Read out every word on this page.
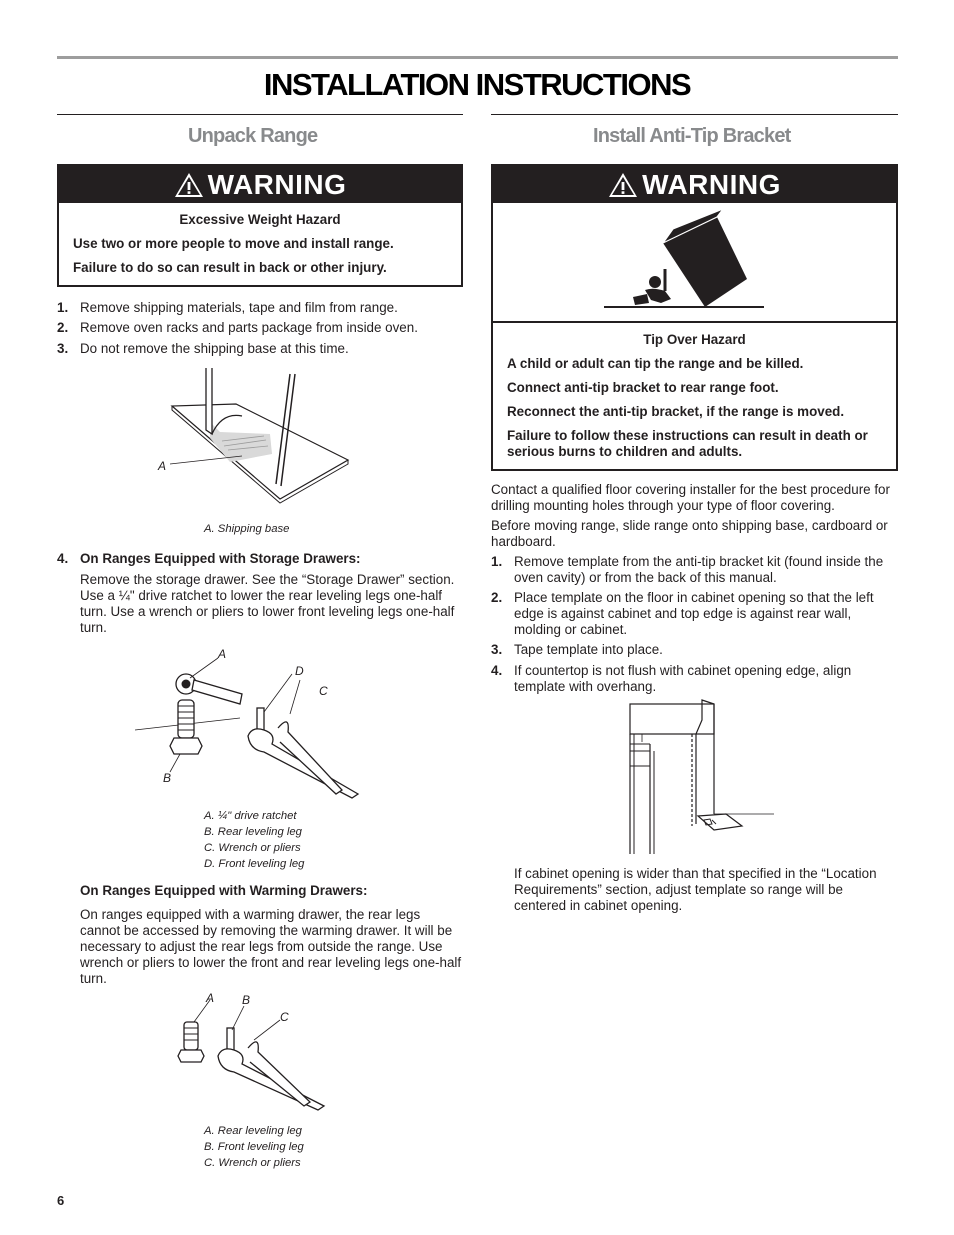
INSTALLATION INSTRUCTIONS
Unpack Range
WARNING
Excessive Weight Hazard

Use two or more people to move and install range.

Failure to do so can result in back or other injury.

1. Remove shipping materials, tape and film from range.
2. Remove oven racks and parts package from inside oven.
3. Do not remove the shipping base at this time.
A
A. Shipping base
4. On Ranges Equipped with Storage Drawers:
Remove the storage drawer. See the “Storage Drawer” section. Use a ¼" drive ratchet to lower the rear leveling legs one-half turn. Use a wrench or pliers to lower front leveling legs one-half turn.
A
D
C
B
A. ¼" drive ratchet
B. Rear leveling leg
C. Wrench or pliers
D. Front leveling leg
On Ranges Equipped with Warming Drawers:
On ranges equipped with a warming drawer, the rear legs cannot be accessed by removing the warming drawer. It will be necessary to adjust the rear legs from outside the range. Use wrench or pliers to lower the front and rear leveling legs one-half turn.
A B
C
A. Rear leveling leg
B. Front leveling leg
C. Wrench or pliers
6
Install Anti-Tip Bracket
WARNING
Tip Over Hazard

A child or adult can tip the range and be killed.

Connect anti-tip bracket to rear range foot.

Reconnect the anti-tip bracket, if the range is moved.

Failure to follow these instructions can result in death or serious burns to children and adults.

Contact a qualified floor covering installer for the best procedure for drilling mounting holes through your type of floor covering.
Before moving range, slide range onto shipping base, cardboard or hardboard.
1. Remove template from the anti-tip bracket kit (found inside the oven cavity) or from the back of this manual.
2. Place template on the floor in cabinet opening so that the left edge is against cabinet and top edge is against rear wall, molding or cabinet.
3. Tape template into place.
4. If countertop is not flush with cabinet opening edge, align template with overhang.
If cabinet opening is wider than that specified in the “Location Requirements” section, adjust template so range will be centered in cabinet opening.
